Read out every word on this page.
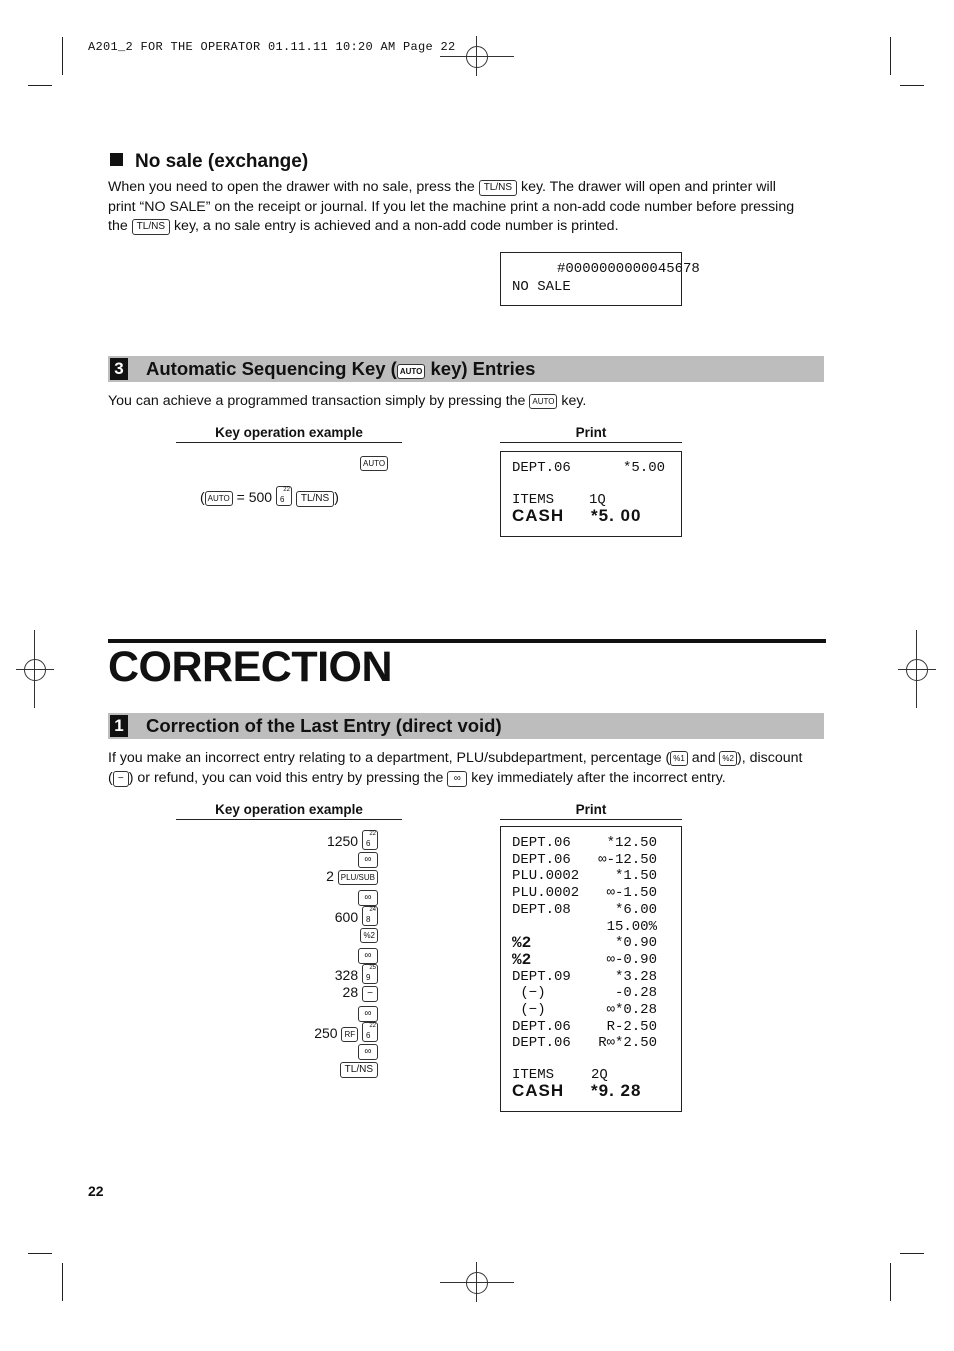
A201_2 FOR THE OPERATOR 01.11.11 10:20 AM Page 22
No sale (exchange)

When you need to open the drawer with no sale, press the TL/NS key. The drawer will open and printer will
print “NO SALE” on the receipt or journal. If you let the machine print a non-add code number before pressing
the TL/NS key, a no sale entry is achieved and a non-add code number is printed.

#0000000000045678
NO SALE
3 Automatic Sequencing Key ( AUTO key) Entries

You can achieve a programmed transaction simply by pressing the AUTO key.

Key operation example	Print
AUTO
( AUTO = 500 22
6 TL/NS )
DEPT.06	*5.00
ITEMS 1Q
CASH *5. 00
CORRECTION
1 Correction of the Last Entry (direct void)

If you make an incorrect entry relating to a department, PLU/subdepartment, percentage ( %1 and %2 ), discount
( − ) or refund, you can void this entry by pressing the ∞ key immediately after the incorrect entry.

Key operation example	Print
1250 22
6
∞
2 PLU/SUB
∞
600 24
8
%2
∞
328 25
9
28 −
∞
250 RF
22
6
∞
TL/NS
DEPT.06	*12.50
DEPT.06 ∞-12.50
PLU.0002	*1.50
PLU.0002 ∞-1.50
DEPT.08	*6.00
15.00%
%2	*0.90
%2	∞-0.90
DEPT.09	*3.28
(−)	-0.28
(−)	∞*0.28
DEPT.06	R-2.50
DEPT.06 R∞*2.50
ITEMS	2Q
CASH *9. 28
22
